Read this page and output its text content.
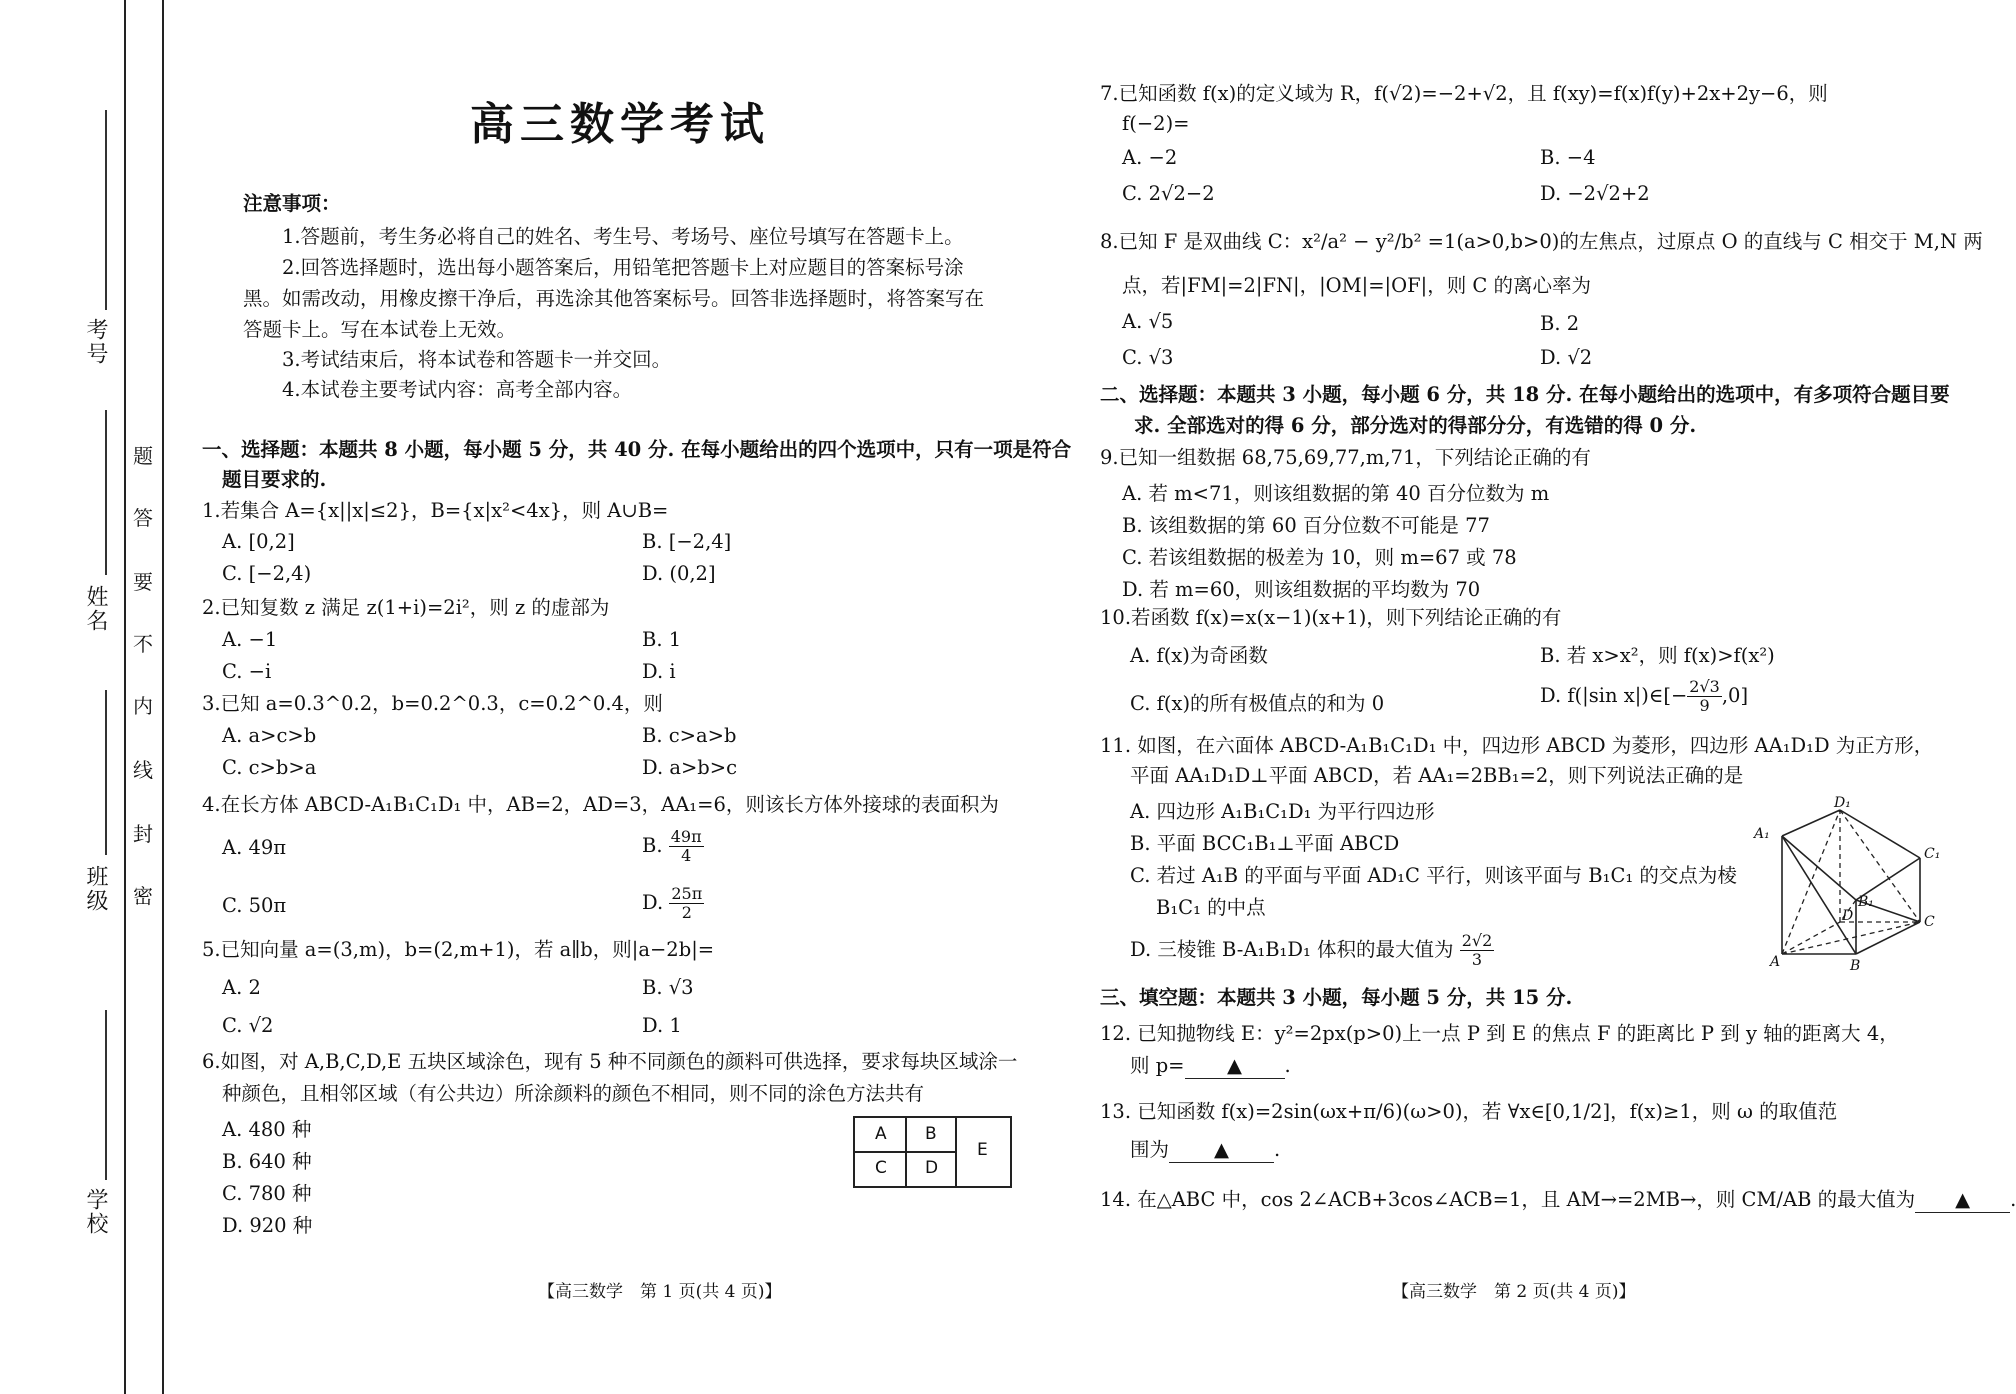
考号
姓名
班级
学校
题
答
要
不
内
线
封
密
高三数学考试
注意事项：
1.答题前，考生务必将自己的姓名、考生号、考场号、座位号填写在答题卡上。
2.回答选择题时，选出每小题答案后，用铅笔把答题卡上对应题目的答案标号涂
黑。如需改动，用橡皮擦干净后，再选涂其他答案标号。回答非选择题时，将答案写在
答题卡上。写在本试卷上无效。
3.考试结束后，将本试卷和答题卡一并交回。
4.本试卷主要考试内容：高考全部内容。
一、选择题：本题共 8 小题，每小题 5 分，共 40 分. 在每小题给出的四个选项中，只有一项是符合
题目要求的.
1.若集合 A={x||x|≤2}，B={x|x²<4x}，则 A∪B=
A. [0,2]	B. [−2,4]
C. [−2,4)	D. (0,2]
2.已知复数 z 满足 z(1+i)=2i²，则 z 的虚部为
A. −1	B. 1
C. −i	D. i
3.已知 a=0.3^0.2，b=0.2^0.3，c=0.2^0.4，则
A. a>c>b	B. c>a>b
C. c>b>a	D. a>b>c
4.在长方体 ABCD-A₁B₁C₁D₁ 中，AB=2，AD=3，AA₁=6，则该长方体外接球的表面积为
A. 49π	B. $\frac{49\pi}{4}$
C. 50π	D. $\frac{25\pi}{2}$
5.已知向量 a=(3,m)，b=(2,m+1)，若 a∥b，则|a−2b|=
A. 2	B. √3
C. √2	D. 1
6.如图，对 A,B,C,D,E 五块区域涂色，现有 5 种不同颜色的颜料可供选择，要求每块区域涂一
种颜色，且相邻区域（有公共边）所涂颜料的颜色不相同，则不同的涂色方法共有
A. 480 种
B. 640 种
C. 780 种
D. 920 种
A B
C D
E
【高三数学　第 1 页(共 4 页)】
7.已知函数 f(x)的定义域为 R，f(√2)=−2+√2，且 f(xy)=f(x)f(y)+2x+2y−6，则
f(−2)=
A. −2	B. −4
C. 2√2−2	D. −2√2+2
8.已知 F 是双曲线 C：x²/a² − y²/b² =1(a>0,b>0)的左焦点，过原点 O 的直线与 C 相交于 M,N 两
点，若|FM|=2|FN|，|OM|=|OF|，则 C 的离心率为
A. √5	B. 2
C. √3	D. √2
二、选择题：本题共 3 小题，每小题 6 分，共 18 分. 在每小题给出的选项中，有多项符合题目要
求. 全部选对的得 6 分，部分选对的得部分分，有选错的得 0 分.
9.已知一组数据 68,75,69,77,m,71，下列结论正确的有
A. 若 m<71，则该组数据的第 40 百分位数为 m
B. 该组数据的第 60 百分位数不可能是 77
C. 若该组数据的极差为 10，则 m=67 或 78
D. 若 m=60，则该组数据的平均数为 70
10.若函数 f(x)=x(x−1)(x+1)，则下列结论正确的有
A. f(x)为奇函数	B. 若 x>x²，则 f(x)>f(x²)
C. f(x)的所有极值点的和为 0	D. f(|sin x|)∈[− $\frac{2√3}{9} ,0$]
11. 如图，在六面体 ABCD-A₁B₁C₁D₁ 中，四边形 ABCD 为菱形，四边形 AA₁D₁D 为正方形，
平面 AA₁D₁D⊥平面 ABCD，若 AA₁=2BB₁=2，则下列说法正确的是
A. 四边形 A₁B₁C₁D₁ 为平行四边形
B. 平面 BCC₁B₁⊥平面 ABCD
C. 若过 A₁B 的平面与平面 AD₁C 平行，则该平面与 B₁C₁ 的交点为棱
B₁C₁ 的中点
D. 三棱锥 B-A₁B₁D₁ 体积的最大值为 $\frac{2√2}{3}$
D₁
A₁
C₁
B₁
D	C
A	B
三、填空题：本题共 3 小题，每小题 5 分，共 15 分.
12. 已知抛物线 E：y²=2px(p>0)上一点 P 到 E 的焦点 F 的距离比 P 到 y 轴的距离大 4，
则 p= ▲ .
13. 已知函数 f(x)=2sin(ωx+π/6)(ω>0)，若 ∀x∈[0,1/2]，f(x)≥1，则 ω 的取值范
围为 ▲ .
14. 在△ABC 中，cos 2∠ACB+3cos∠ACB=1，且 AM→=2MB→，则 CM/AB 的最大值为 ▲ .
【高三数学　第 2 页(共 4 页)】
